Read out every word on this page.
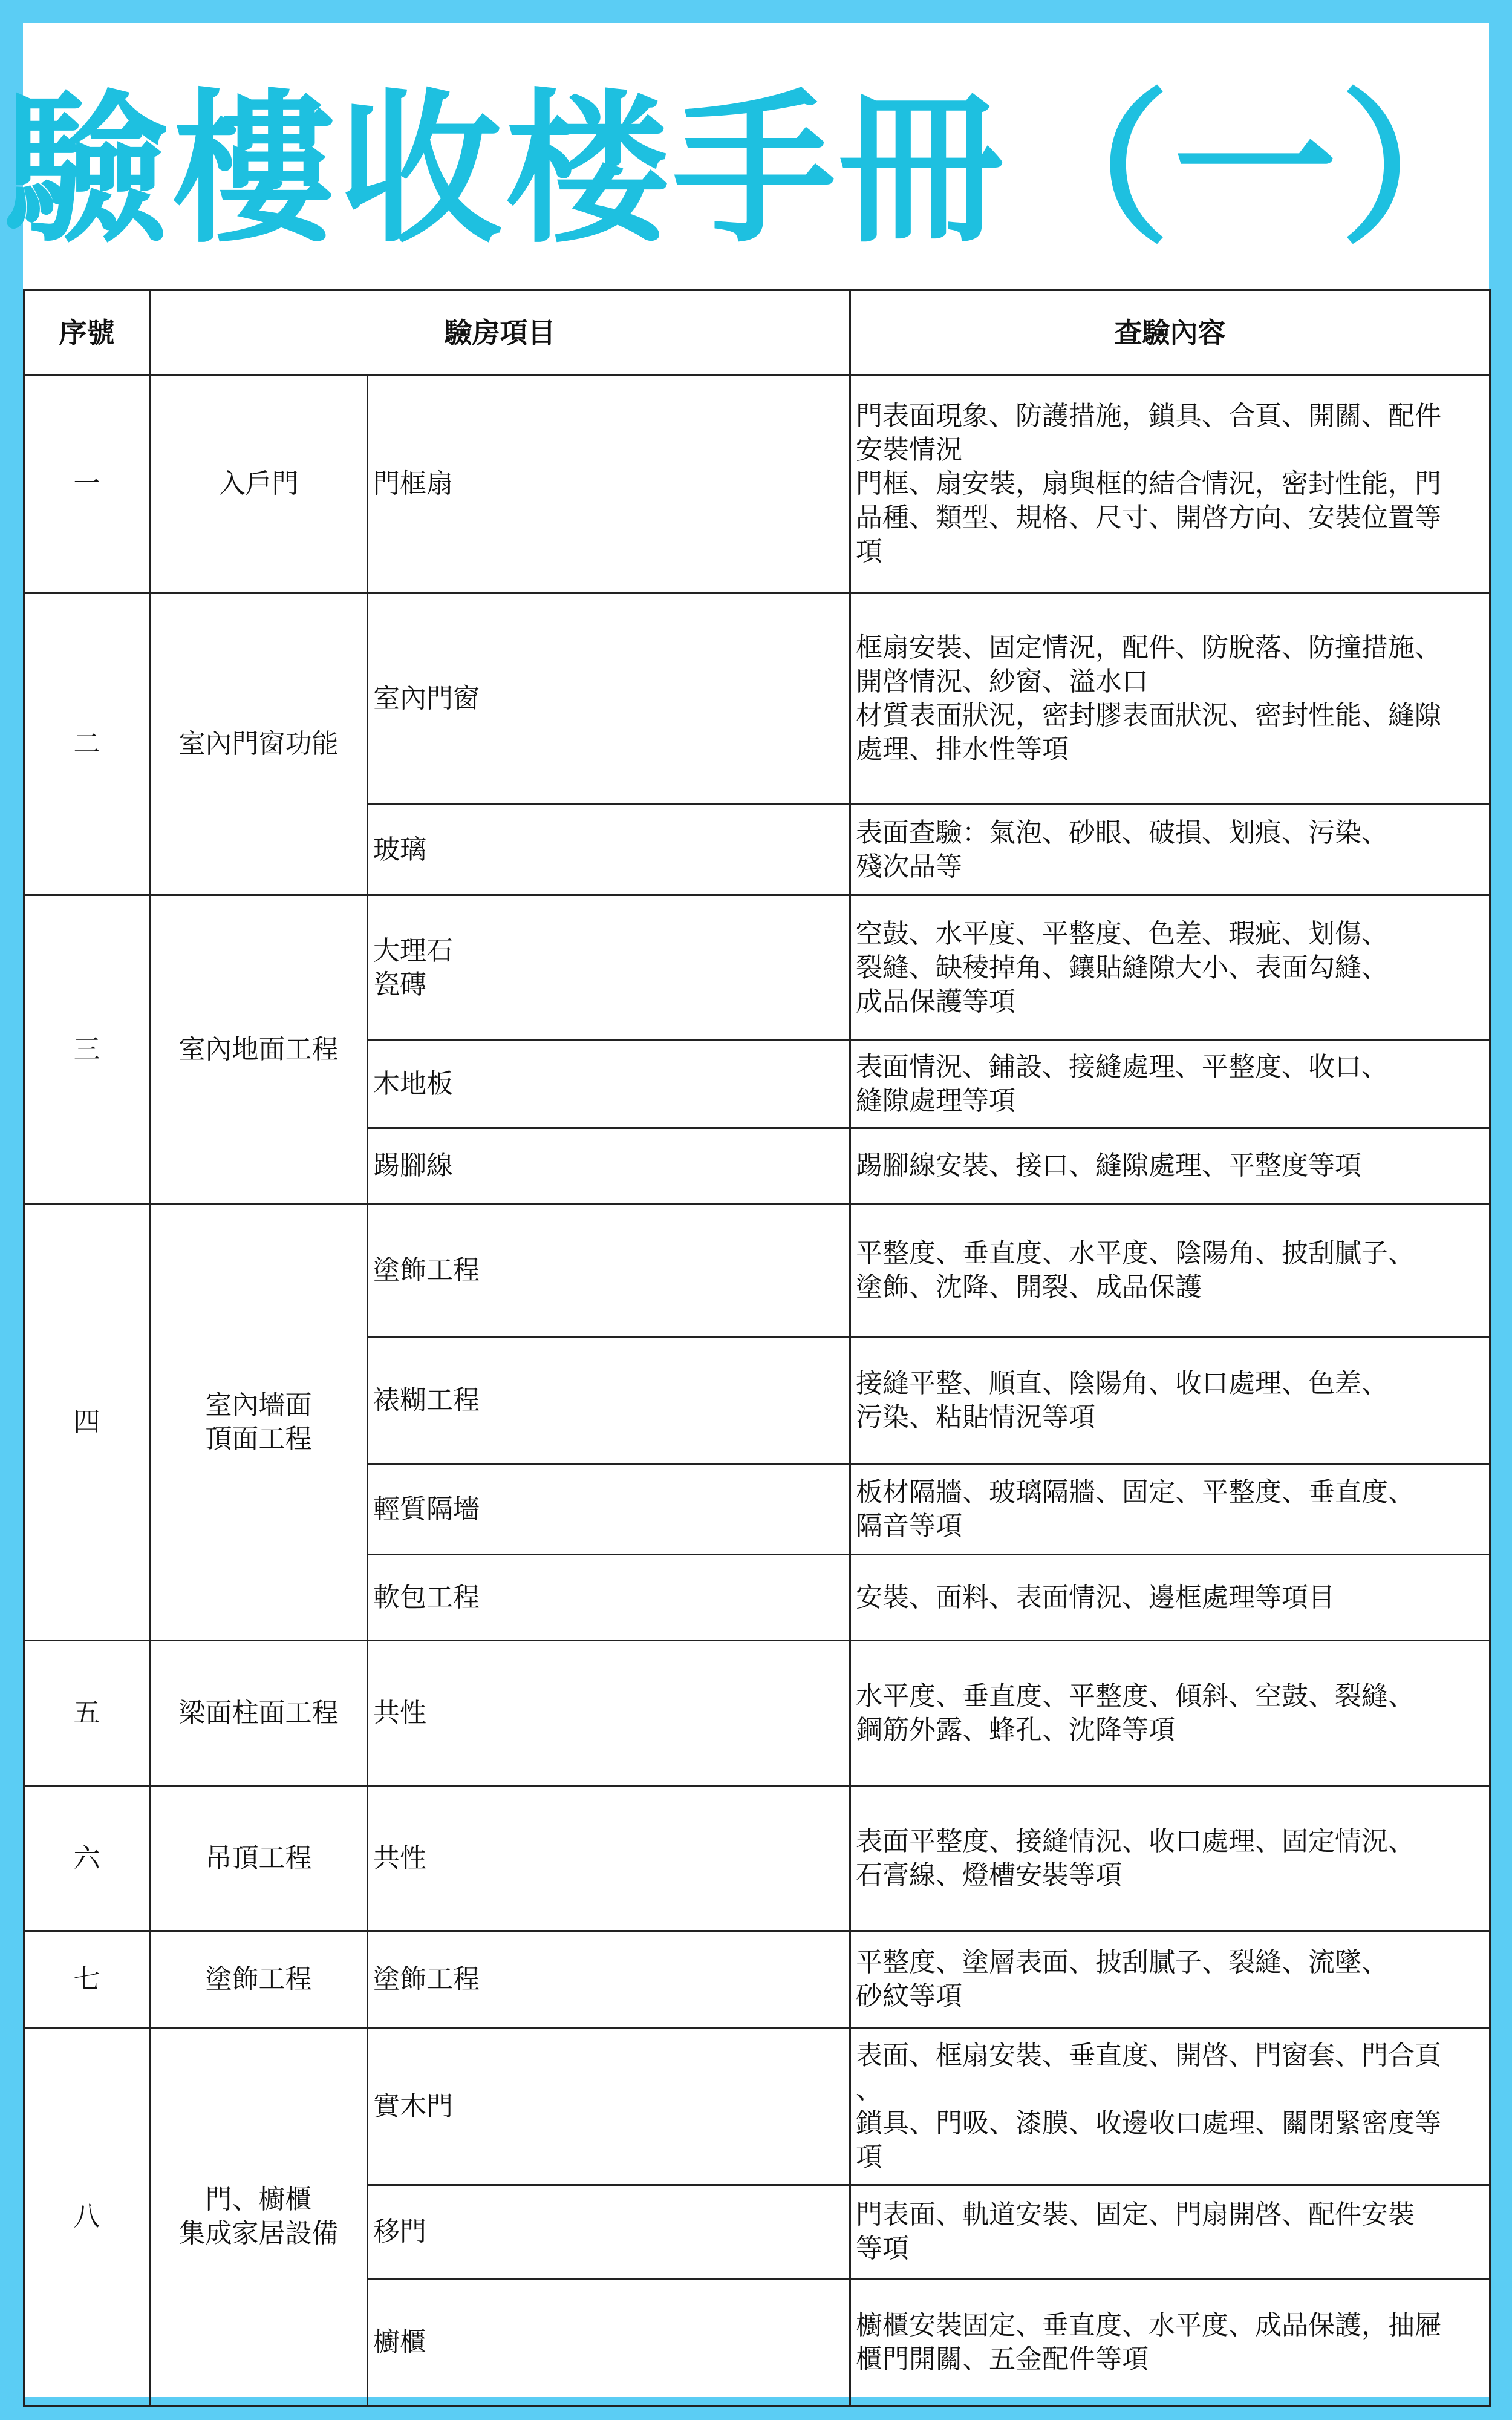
驗樓收楼手冊（一）
序號	驗房項目		查驗內容
一	入戶門	門框扇	門表面現象、防護措施，鎖具、合頁、開關、配件
安裝情況
門框、扇安裝，扇與框的結合情況，密封性能，門
品種、類型、規格、尺寸、開啓方向、安裝位置等
項
二	室內門窗功能	室內門窗	框扇安裝、固定情況，配件、防脫落、防撞措施、
開啓情況、紗窗、溢水口
材質表面狀況，密封膠表面狀況、密封性能、縫隙
處理、排水性等項
		玻璃	表面查驗：氣泡、砂眼、破損、划痕、污染、
殘次品等
三	室內地面工程	大理石
瓷磚	空鼓、水平度、平整度、色差、瑕疵、划傷、
裂縫、缺稜掉角、鑲貼縫隙大小、表面勾縫、
成品保護等項
		木地板	表面情況、鋪設、接縫處理、平整度、收口、
縫隙處理等項
		踢腳線	踢腳線安裝、接口、縫隙處理、平整度等項
四	室內墻面
頂面工程	塗飾工程	平整度、垂直度、水平度、陰陽角、披刮膩子、
塗飾、沈降、開裂、成品保護
		裱糊工程	接縫平整、順直、陰陽角、收口處理、色差、
污染、粘貼情況等項
		輕質隔墻	板材隔牆、玻璃隔牆、固定、平整度、垂直度、
隔音等項
		軟包工程	安裝、面料、表面情況、邊框處理等項目
五	梁面柱面工程	共性	水平度、垂直度、平整度、傾斜、空鼓、裂縫、
鋼筋外露、蜂孔、沈降等項
六	吊頂工程	共性	表面平整度、接縫情況、收口處理、固定情況、
石膏線、燈槽安裝等項
七	塗飾工程	塗飾工程	平整度、塗層表面、披刮膩子、裂縫、流墜、
砂紋等項
八	門、櫥櫃
集成家居設備	實木門	表面、框扇安裝、垂直度、開啓、門窗套、門合頁
、
鎖具、門吸、漆膜、收邊收口處理、關閉緊密度等
項
		移門	門表面、軌道安裝、固定、門扇開啓、配件安裝
等項
		櫥櫃	櫥櫃安裝固定、垂直度、水平度、成品保護，抽屜
櫃門開關、五金配件等項
